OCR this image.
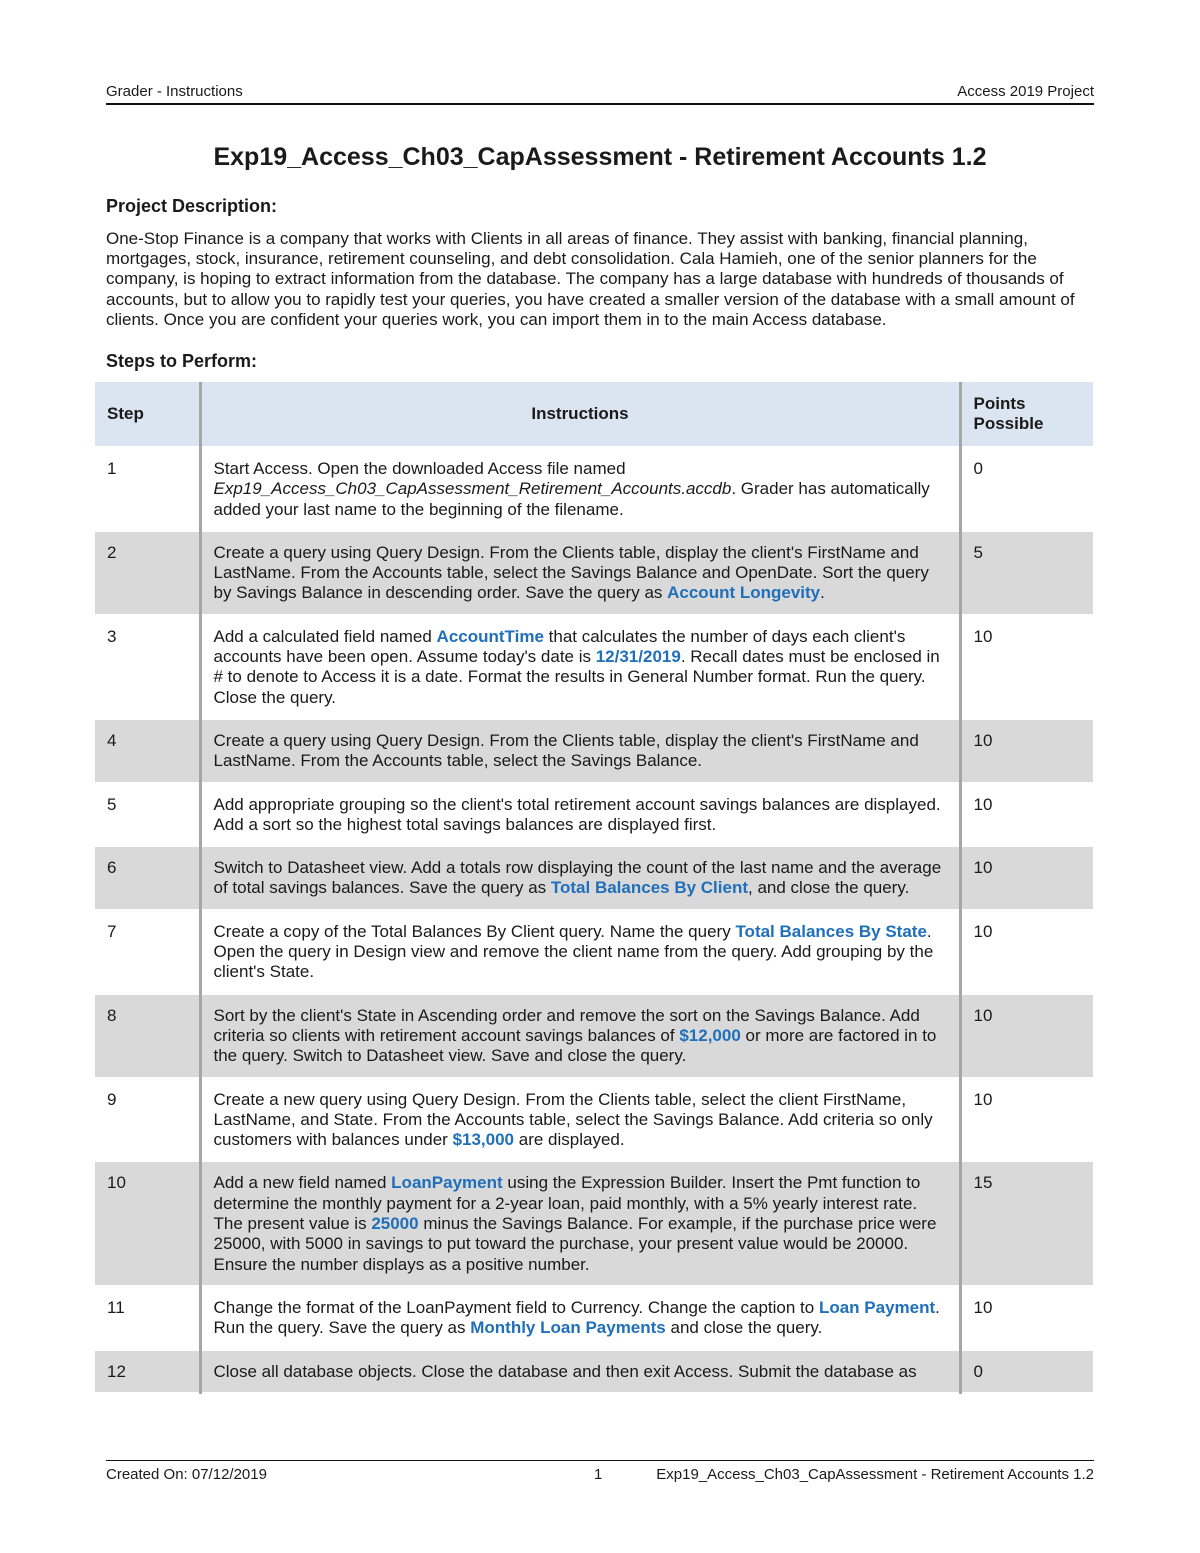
Grader - Instructions	Access 2019 Project
Exp19_Access_Ch03_CapAssessment - Retirement Accounts 1.2
Project Description:
One-Stop Finance is a company that works with Clients in all areas of finance. They assist with banking, financial planning, mortgages, stock, insurance, retirement counseling, and debt consolidation. Cala Hamieh, one of the senior planners for the company, is hoping to extract information from the database. The company has a large database with hundreds of thousands of accounts, but to allow you to rapidly test your queries, you have created a smaller version of the database with a small amount of clients. Once you are confident your queries work, you can import them in to the main Access database.
Steps to Perform:
Step	Instructions	Points
Possible

1	Start Access. Open the downloaded Access file named Exp19_Access_Ch03_CapAssessment_Retirement_Accounts.accdb. Grader has automatically added your last name to the beginning of the filename.	0
2	Create a query using Query Design. From the Clients table, display the client's FirstName and LastName. From the Accounts table, select the Savings Balance and OpenDate. Sort the query by Savings Balance in descending order. Save the query as Account Longevity.	5
3	Add a calculated field named AccountTime that calculates the number of days each client's accounts have been open. Assume today's date is 12/31/2019. Recall dates must be enclosed in # to denote to Access it is a date. Format the results in General Number format. Run the query. Close the query.	10
4	Create a query using Query Design. From the Clients table, display the client's FirstName and LastName. From the Accounts table, select the Savings Balance.	10
5	Add appropriate grouping so the client's total retirement account savings balances are displayed. Add a sort so the highest total savings balances are displayed first.	10
6	Switch to Datasheet view. Add a totals row displaying the count of the last name and the average of total savings balances. Save the query as Total Balances By Client, and close the query.	10
7	Create a copy of the Total Balances By Client query. Name the query Total Balances By State. Open the query in Design view and remove the client name from the query. Add grouping by the client's State.	10
8	Sort by the client's State in Ascending order and remove the sort on the Savings Balance. Add criteria so clients with retirement account savings balances of $12,000 or more are factored in to the query. Switch to Datasheet view. Save and close the query.	10
9	Create a new query using Query Design. From the Clients table, select the client FirstName, LastName, and State. From the Accounts table, select the Savings Balance. Add criteria so only customers with balances under $13,000 are displayed.	10
10	Add a new field named LoanPayment using the Expression Builder. Insert the Pmt function to determine the monthly payment for a 2-year loan, paid monthly, with a 5% yearly interest rate. The present value is 25000 minus the Savings Balance. For example, if the purchase price were 25000, with 5000 in savings to put toward the purchase, your present value would be 20000. Ensure the number displays as a positive number.	15
11	Change the format of the LoanPayment field to Currency. Change the caption to Loan Payment. Run the query. Save the query as Monthly Loan Payments and close the query.	10
12	Close all database objects. Close the database and then exit Access. Submit the database as	0
Created On: 07/12/2019	1	Exp19_Access_Ch03_CapAssessment - Retirement Accounts 1.2
